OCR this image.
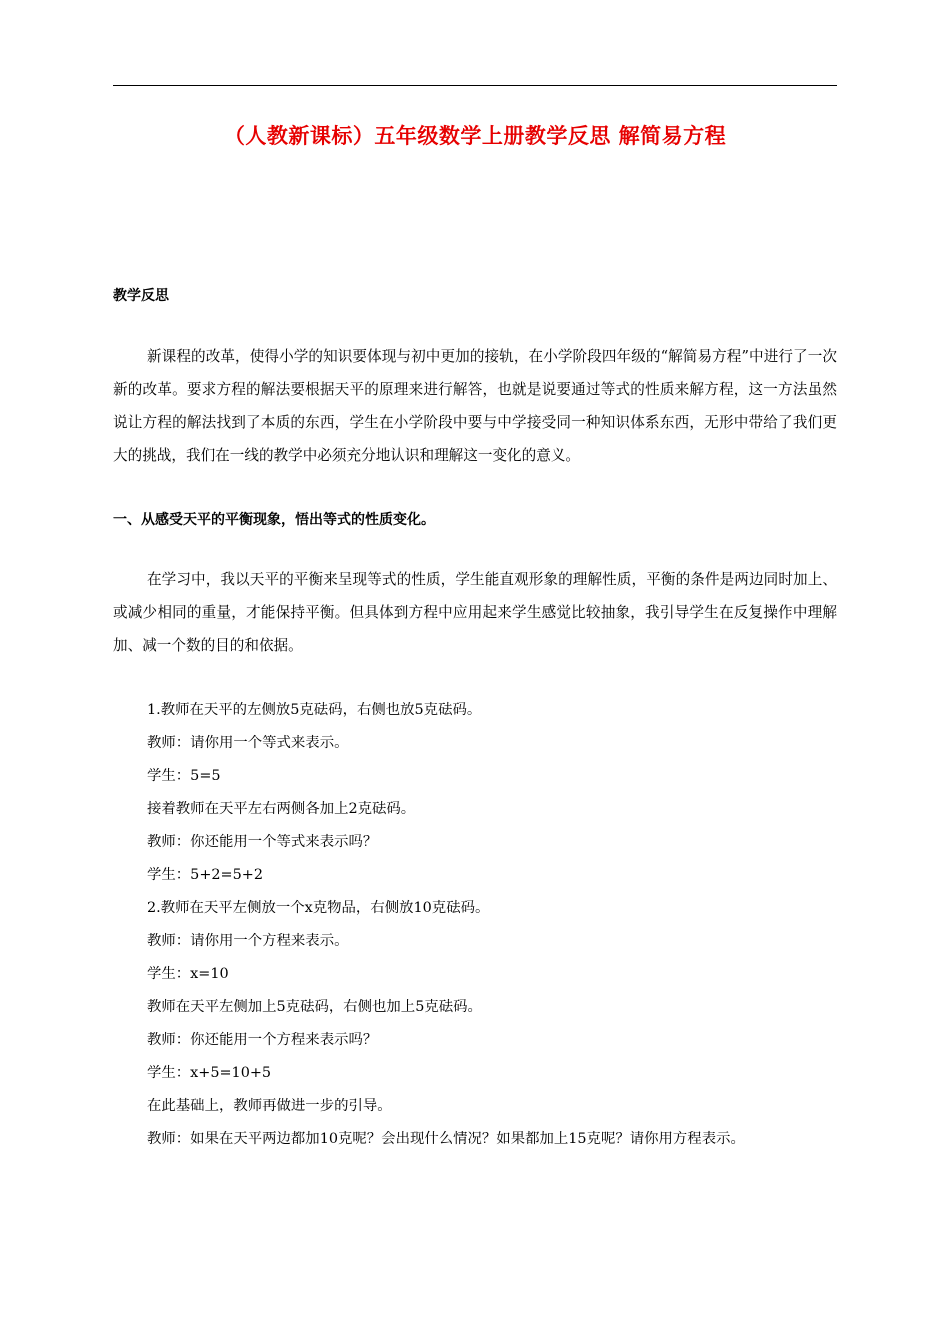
（人教新课标）五年级数学上册教学反思 解简易方程

教学反思

新课程的改革，使得小学的知识要体现与初中更加的接轨，在小学阶段四年级的“解简易方程”中进行了一次新的改革。要求方程的解法要根据天平的原理来进行解答，也就是说要通过等式的性质来解方程，这一方法虽然说让方程的解法找到了本质的东西，学生在小学阶段中要与中学接受同一种知识体系东西，无形中带给了我们更大的挑战，我们在一线的教学中必须充分地认识和理解这一变化的意义。

一、从感受天平的平衡现象，悟出等式的性质变化。

在学习中，我以天平的平衡来呈现等式的性质，学生能直观形象的理解性质，平衡的条件是两边同时加上、或减少相同的重量，才能保持平衡。但具体到方程中应用起来学生感觉比较抽象，我引导学生在反复操作中理解加、减一个数的目的和依据。

1.教师在天平的左侧放5克砝码，右侧也放5克砝码。

教师：请你用一个等式来表示。

学生：5=5

接着教师在天平左右两侧各加上2克砝码。

教师：你还能用一个等式来表示吗？

学生：5+2=5+2

2.教师在天平左侧放一个x克物品，右侧放10克砝码。

教师：请你用一个方程来表示。

学生：x=10

教师在天平左侧加上5克砝码，右侧也加上5克砝码。

教师：你还能用一个方程来表示吗？

学生：x+5=10+5

在此基础上，教师再做进一步的引导。

教师：如果在天平两边都加10克呢？会出现什么情况？如果都加上15克呢？请你用方程表示。
